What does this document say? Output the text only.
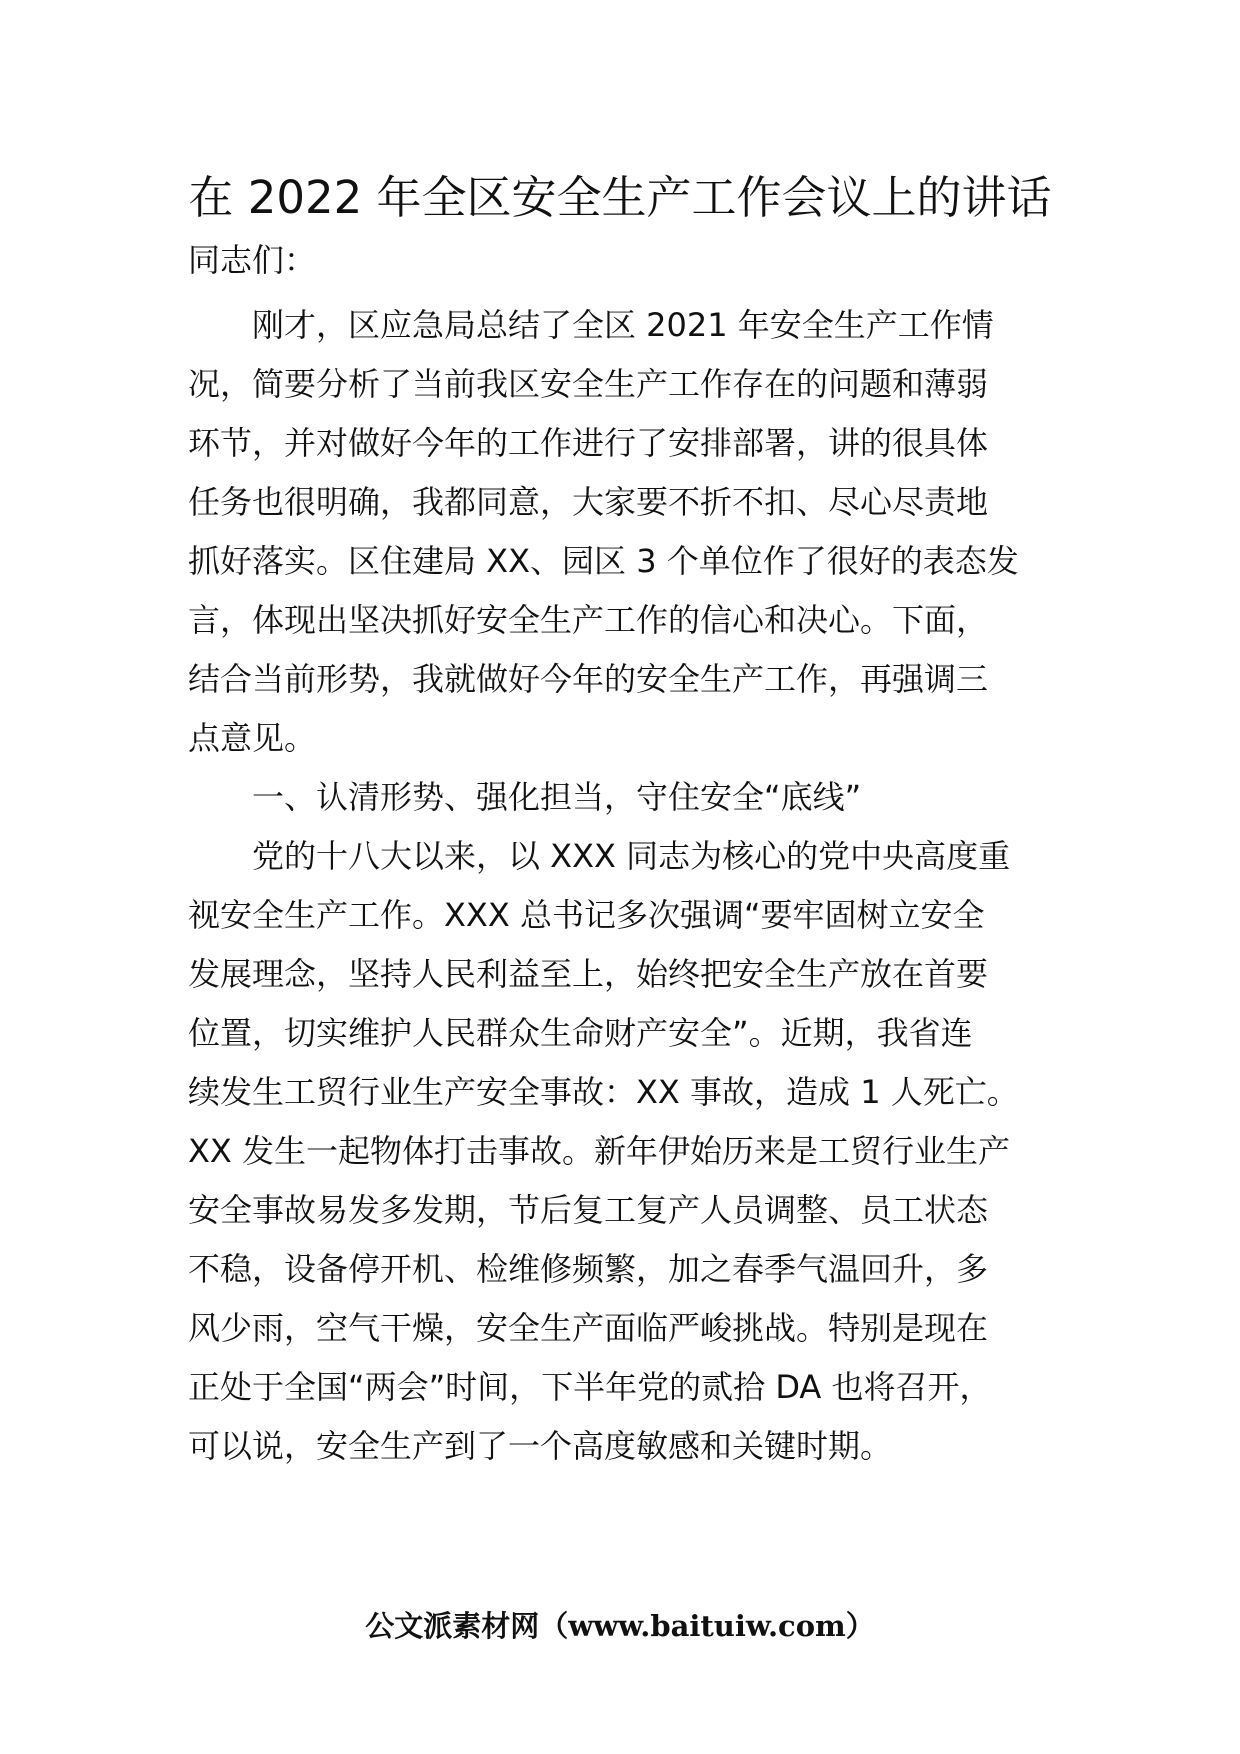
在 2022 年全区安全生产工作会议上的讲话
同志们：
　刚才，区应急局总结了全区 2021 年安全生产工作情
况，简要分析了当前我区安全生产工作存在的问题和薄弱
环节，并对做好今年的工作进行了安排部署，讲的很具体
任务也很明确，我都同意，大家要不折不扣、尽心尽责地
抓好落实。区住建局 XX、园区 3 个单位作了很好的表态发
言，体现出坚决抓好安全生产工作的信心和决心。下面，
结合当前形势，我就做好今年的安全生产工作，再强调三
点意见。
一、认清形势、强化担当，守住安全“底线”
党的十八大以来，以 XXX 同志为核心的党中央高度重
视安全生产工作。XXX 总书记多次强调“要牢固树立安全
发展理念，坚持人民利益至上，始终把安全生产放在首要
位置，切实维护人民群众生命财产安全”。近期，我省连
续发生工贸行业生产安全事故：XX 事故，造成 1 人死亡。
XX 发生一起物体打击事故。新年伊始历来是工贸行业生产
安全事故易发多发期，节后复工复产人员调整、员工状态
不稳，设备停开机、检维修频繁，加之春季气温回升，多
风少雨，空气干燥，安全生产面临严峻挑战。特别是现在
正处于全国“两会”时间，下半年党的贰拾 DA 也将召开，
可以说，安全生产到了一个高度敏感和关键时期。
公文派素材网（www.baituiw.com）
